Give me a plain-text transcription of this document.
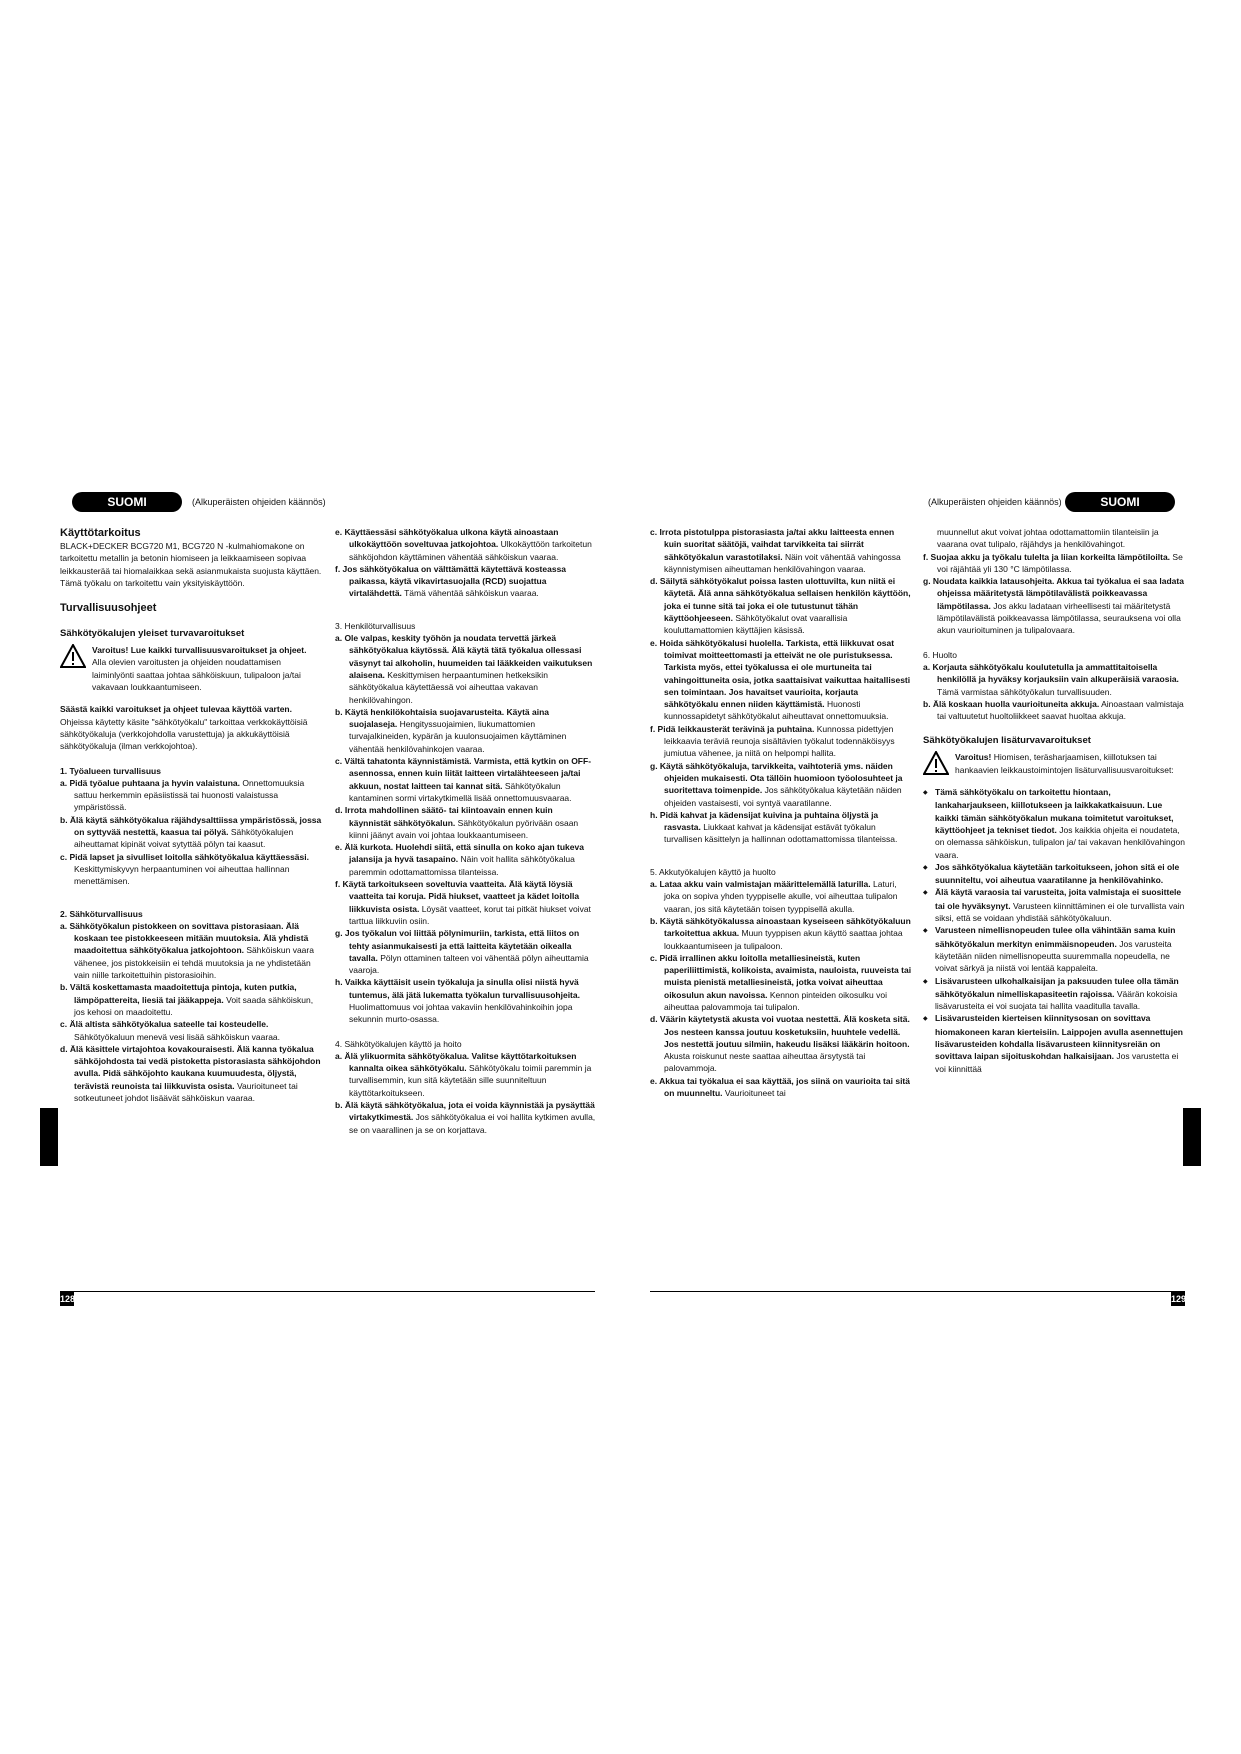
SUOMI	(Alkuperäisten ohjeiden käännös)

Käyttötarkoitus

BLACK+DECKER BCG720 M1, BCG720 N -kulmahiomakone on tarkoitettu metallin ja betonin hiomiseen ja leikkaamiseen sopivaa leikkausterää tai hiomalaikkaa sekä asianmukaista suojusta käyttäen. Tämä työkalu on tarkoitettu vain yksityiskäyttöön.

Turvallisuusohjeet

Sähkötyökalujen yleiset turvavaroitukset

Varoitus! Lue kaikki turvallisuusvaroitukset ja ohjeet. Alla olevien varoitusten ja ohjeiden noudattamisen laiminlyönti saattaa johtaa sähköiskuun, tulipaloon ja/tai vakavaan loukkaantumiseen.

Säästä kaikki varoitukset ja ohjeet tulevaa käyttöä varten. Ohjeissa käytetty käsite "sähkötyökalu" tarkoittaa verkkokäyttöisiä sähkötyökaluja (verkkojohdolla varustettuja) ja akkukäyttöisiä sähkötyökaluja (ilman verkkojohtoa).

1. Työalueen turvallisuus

a. Pidä työalue puhtaana ja hyvin valaistuna. Onnettomuuksia sattuu herkemmin epäsiistissä tai huonosti valaistussa ympäristössä.

b. Älä käytä sähkötyökalua räjähdysalttiissa ympäristössä, jossa on syttyvää nestettä, kaasua tai pölyä. Sähkötyökalujen aiheuttamat kipinät voivat sytyttää pölyn tai kaasut.

c. Pidä lapset ja sivulliset loitolla sähkötyökalua käyttäessäsi. Keskittymiskyvyn herpaantuminen voi aiheuttaa hallinnan menettämisen.

2. Sähköturvallisuus

a. Sähkötyökalun pistokkeen on sovittava pistorasiaan. Älä koskaan tee pistokkeeseen mitään muutoksia. Älä yhdistä maadoitettua sähkötyökalua jatkojohtoon. Sähköiskun vaara vähenee, jos pistokkeisiin ei tehdä muutoksia ja ne yhdistetään vain niille tarkoitettuihin pistorasioihin.

b. Vältä koskettamasta maadoitettuja pintoja, kuten putkia, lämpöpattereita, liesiä tai jääkappeja. Voit saada sähköiskun, jos kehosi on maadoitettu.

c. Älä altista sähkötyökalua sateelle tai kosteudelle. Sähkötyökaluun menevä vesi lisää sähköiskun vaaraa.

d. Älä käsittele virtajohtoa kovakouraisesti. Älä kanna työkalua sähköjohdosta tai vedä pistoketta pistorasiasta sähköjohdon avulla. Pidä sähköjohto kaukana kuumuudesta, öljystä, terävistä reunoista tai liikkuvista osista. Vaurioituneet tai sotkeutuneet johdot lisäävät sähköiskun vaaraa.

e. Käyttäessäsi sähkötyökalua ulkona käytä ainoastaan ulkokäyttöön soveltuvaa jatkojohtoa. Ulkokäyttöön tarkoitetun sähköjohdon käyttäminen vähentää sähköiskun vaaraa.

f. Jos sähkötyökalua on välttämättä käytettävä kosteassa paikassa, käytä vikavirtasuojalla (RCD) suojattua virtalähdettä. Tämä vähentää sähköiskun vaaraa.

3. Henkilöturvallisuus

a. Ole valpas, keskity työhön ja noudata tervettä järkeä sähkötyökalua käytössä. Älä käytä tätä työkalua ollessasi väsynyt tai alkoholin, huumeiden tai lääkkeiden vaikutuksen alaisena. Keskittymisen herpaantuminen hetkeksikin sähkötyökalua käytettäessä voi aiheuttaa vakavan henkilövahingon.

b. Käytä henkilökohtaisia suojavarusteita. Käytä aina suojalaseja. Hengityssuojaimien, liukumattomien turvajalkineiden, kypärän ja kuulonsuojaimen käyttäminen vähentää henkilövahinkojen vaaraa.

c. Vältä tahatonta käynnistämistä. Varmista, että kytkin on OFF-asennossa, ennen kuin liität laitteen virtalähteeseen ja/tai akkuun, nostat laitteen tai kannat sitä. Sähkötyökalun kantaminen sormi virtakytkimellä lisää onnettomuusvaaraa.

d. Irrota mahdollinen säätö- tai kiintoavain ennen kuin käynnistät sähkötyökalun. Sähkötyökalun pyörivään osaan kiinni jäänyt avain voi johtaa loukkaantumiseen.

e. Älä kurkota. Huolehdi siitä, että sinulla on koko ajan tukeva jalansija ja hyvä tasapaino. Näin voit hallita sähkötyökalua paremmin odottamattomissa tilanteissa.

f. Käytä tarkoitukseen soveltuvia vaatteita. Älä käytä löysiä vaatteita tai koruja. Pidä hiukset, vaatteet ja kädet loitolla liikkuvista osista. Löysät vaatteet, korut tai pitkät hiukset voivat tarttua liikkuviin osiin.

g. Jos työkalun voi liittää pölynimuriin, tarkista, että liitos on tehty asianmukaisesti ja että laitteita käytetään oikealla tavalla. Pölyn ottaminen talteen voi vähentää pölyn aiheuttamia vaaroja.

h. Vaikka käyttäisit usein työkaluja ja sinulla olisi niistä hyvä tuntemus, älä jätä lukematta työkalun turvallisuusohjeita. Huolimattomuus voi johtaa vakaviin henkilövahinkoihin jopa sekunnin murto-osassa.

4. Sähkötyökalujen käyttö ja hoito

a. Älä ylikuormita sähkötyökalua. Valitse käyttötarkoituksen kannalta oikea sähkötyökalu. Sähkötyökalu toimii paremmin ja turvallisemmin, kun sitä käytetään sille suunniteltuun käyttötarkoitukseen.

b. Älä käytä sähkötyökalua, jota ei voida käynnistää ja pysäyttää virtakytkimestä. Jos sähkötyökalua ei voi hallita kytkimen avulla, se on vaarallinen ja se on korjattava.

128
(Alkuperäisten ohjeiden käännös)	SUOMI

c. Irrota pistotulppa pistorasiasta ja/tai akku laitteesta ennen kuin suoritat säätöjä, vaihdat tarvikkeita tai siirrät sähkötyökalun varastotilaksi. Näin voit vähentää vahingossa käynnistymisen aiheuttaman henkilövahingon vaaraa.

d. Säilytä sähkötyökalut poissa lasten ulottuvilta, kun niitä ei käytetä. Älä anna sähkötyökalua sellaisen henkilön käyttöön, joka ei tunne sitä tai joka ei ole tutustunut tähän käyttöohjeeseen. Sähkötyökalut ovat vaarallisia kouluttamattomien käyttäjien käsissä.

e. Hoida sähkötyökalusi huolella. Tarkista, että liikkuvat osat toimivat moitteettomasti ja etteivät ne ole puristuksessa. Tarkista myös, ettei työkalussa ei ole murtuneita tai vahingoittuneita osia, jotka saattaisivat vaikuttaa haitallisesti sen toimintaan. Jos havaitset vaurioita, korjauta sähkötyökalu ennen niiden käyttämistä. Huonosti kunnossapidetyt sähkötyökalut aiheuttavat onnettomuuksia.

f. Pidä leikkausterät terävinä ja puhtaina. Kunnossa pidettyjen leikkaavia teräviä reunoja sisältävien työkalut todennäköisyys jumiutua vähenee, ja niitä on helpompi hallita.

g. Käytä sähkötyökaluja, tarvikkeita, vaihtoteriä yms. näiden ohjeiden mukaisesti. Ota tällöin huomioon työolosuhteet ja suoritettava toimenpide. Jos sähkötyökalua käytetään näiden ohjeiden vastaisesti, voi syntyä vaaratilanne.

h. Pidä kahvat ja kädensijat kuivina ja puhtaina öljystä ja rasvasta. Liukkaat kahvat ja kädensijat estävät työkalun turvallisen käsittelyn ja hallinnan odottamattomissa tilanteissa.

5. Akkutyökalujen käyttö ja huolto

a. Lataa akku vain valmistajan määrittelemällä laturilla. Laturi, joka on sopiva yhden tyyppiselle akulle, voi aiheuttaa tulipalon vaaran, jos sitä käytetään toisen tyyppisellä akulla.

b. Käytä sähkötyökalussa ainoastaan kyseiseen sähkötyökaluun tarkoitettua akkua. Muun tyyppisen akun käyttö saattaa johtaa loukkaantumiseen ja tulipaloon.

c. Pidä irrallinen akku loitolla metalliesineistä, kuten paperiliittimistä, kolikoista, avaimista, nauloista, ruuveista tai muista pienistä metalliesineistä, jotka voivat aiheuttaa oikosulun akun navoissa. Kennon pinteiden oikosulku voi aiheuttaa palovammoja tai tulipalon.

d. Väärin käytetystä akusta voi vuotaa nestettä. Älä kosketa sitä. Jos nesteen kanssa joutuu kosketuksiin, huuhtele vedellä. Jos nestettä joutuu silmiin, hakeudu lisäksi lääkärin hoitoon. Akusta roiskunut neste saattaa aiheuttaa ärsytystä tai palovammoja.

e. Akkua tai työkalua ei saa käyttää, jos siinä on vaurioita tai sitä on muunneltu. Vaurioituneet tai

muunnellut akut voivat johtaa odottamattomiin tilanteisiin ja vaarana ovat tulipalo, räjähdys ja henkilövahingot.

f. Suojaa akku ja työkalu tulelta ja liian korkeilta lämpötiloilta. Se voi räjähtää yli 130 °C lämpötilassa.

g. Noudata kaikkia latausohjeita. Akkua tai työkalua ei saa ladata ohjeissa määritetystä lämpötilavälistä poikkeavassa lämpötilassa. Jos akku ladataan virheellisesti tai määritetystä lämpötilavälistä poikkeavassa lämpötilassa, seurauksena voi olla akun vaurioituminen ja tulipalovaara.

6. Huolto

a. Korjauta sähkötyökalu koulutetulla ja ammattitaitoisella henkilöllä ja hyväksy korjauksiin vain alkuperäisiä varaosia. Tämä varmistaa sähkötyökalun turvallisuuden.

b. Älä koskaan huolla vaurioituneita akkuja. Ainoastaan valmistaja tai valtuutetut huoltoliikkeet saavat huoltaa akkuja.

Sähkötyökalujen lisäturvavaroitukset

Varoitus! Hiomisen, teräsharjaamisen, kiillotuksen tai hankaavien leikkaustoimintojen lisäturvallisuusvaroitukset:

◆ Tämä sähkötyökalu on tarkoitettu hiontaan, lankaharjaukseen, kiillotukseen ja laikkakatkaisuun. Lue kaikki tämän sähkötyökalun mukana toimitetut varoitukset, käyttöohjeet ja tekniset tiedot. Jos kaikkia ohjeita ei noudateta, on olemassa sähköiskun, tulipalon ja/ tai vakavan henkilövahingon vaara.

◆ Jos sähkötyökalua käytetään tarkoitukseen, johon sitä ei ole suunniteltu, voi aiheutua vaaratilanne ja henkilövahinko.

◆ Älä käytä varaosia tai varusteita, joita valmistaja ei suosittele tai ole hyväksynyt. Varusteen kiinnittäminen ei ole turvallista vain siksi, että se voidaan yhdistää sähkötyökaluun.

◆ Varusteen nimellisnopeuden tulee olla vähintään sama kuin sähkötyökalun merkityn enimmäisnopeuden. Jos varusteita käytetään niiden nimellisnopeutta suuremmalla nopeudella, ne voivat särkyä ja niistä voi lentää kappaleita.

◆ Lisävarusteen ulkohalkaisijan ja paksuuden tulee olla tämän sähkötyökalun nimelliskapasiteetin rajoissa. Väärän kokoisia lisävarusteita ei voi suojata tai hallita vaaditulla tavalla.

◆ Lisävarusteiden kierteisen kiinnitysosan on sovittava hiomakoneen karan kierteisiin. Laippojen avulla asennettujen lisävarusteiden kohdalla lisävarusteen kiinnitysreiän on sovittava laipan sijoituskohdan halkaisijaan. Jos varustetta ei voi kiinnittää

129
